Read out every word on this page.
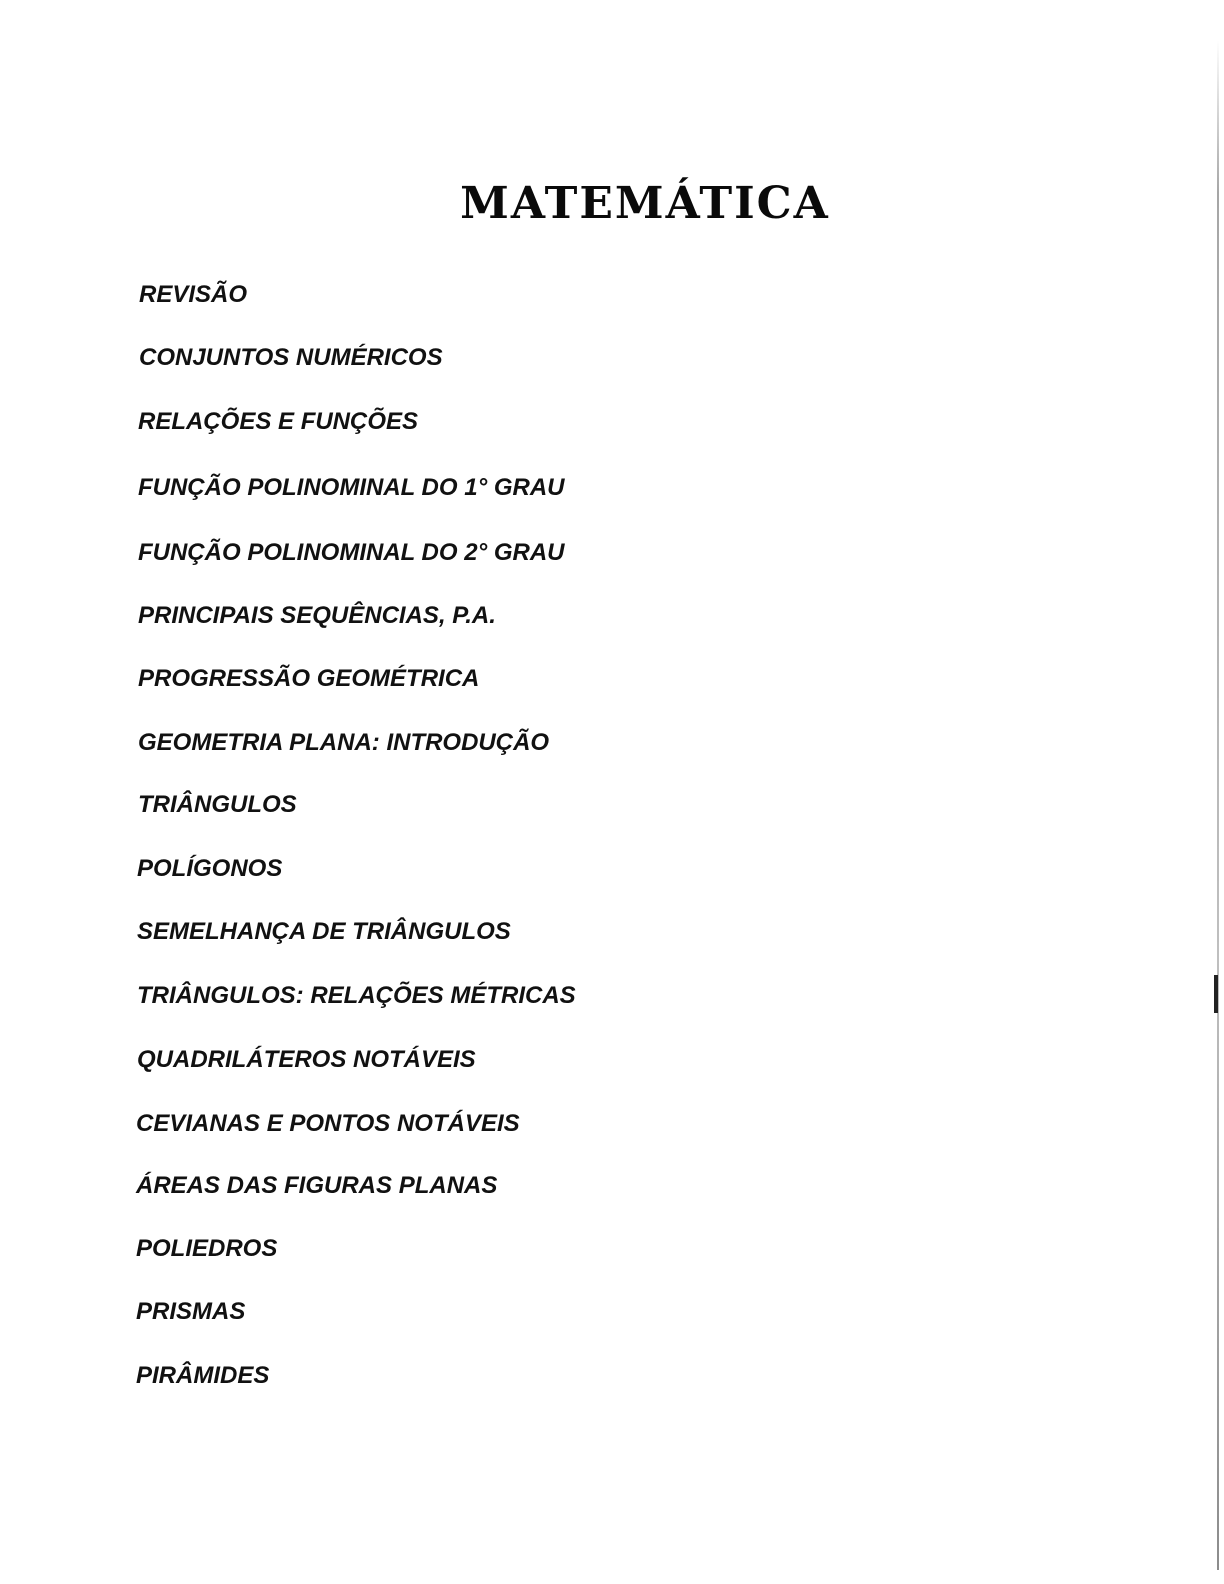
MATEMÁTICA
REVISÃO
CONJUNTOS NUMÉRICOS
RELAÇÕES E FUNÇÕES
FUNÇÃO POLINOMINAL DO 1° GRAU
FUNÇÃO POLINOMINAL DO 2° GRAU
PRINCIPAIS SEQUÊNCIAS, P.A.
PROGRESSÃO GEOMÉTRICA
GEOMETRIA PLANA: INTRODUÇÃO
TRIÂNGULOS
POLÍGONOS
SEMELHANÇA DE TRIÂNGULOS
TRIÂNGULOS: RELAÇÕES MÉTRICAS
QUADRILÁTEROS NOTÁVEIS
CEVIANAS E PONTOS NOTÁVEIS
ÁREAS DAS FIGURAS PLANAS
POLIEDROS
PRISMAS
PIRÂMIDES
